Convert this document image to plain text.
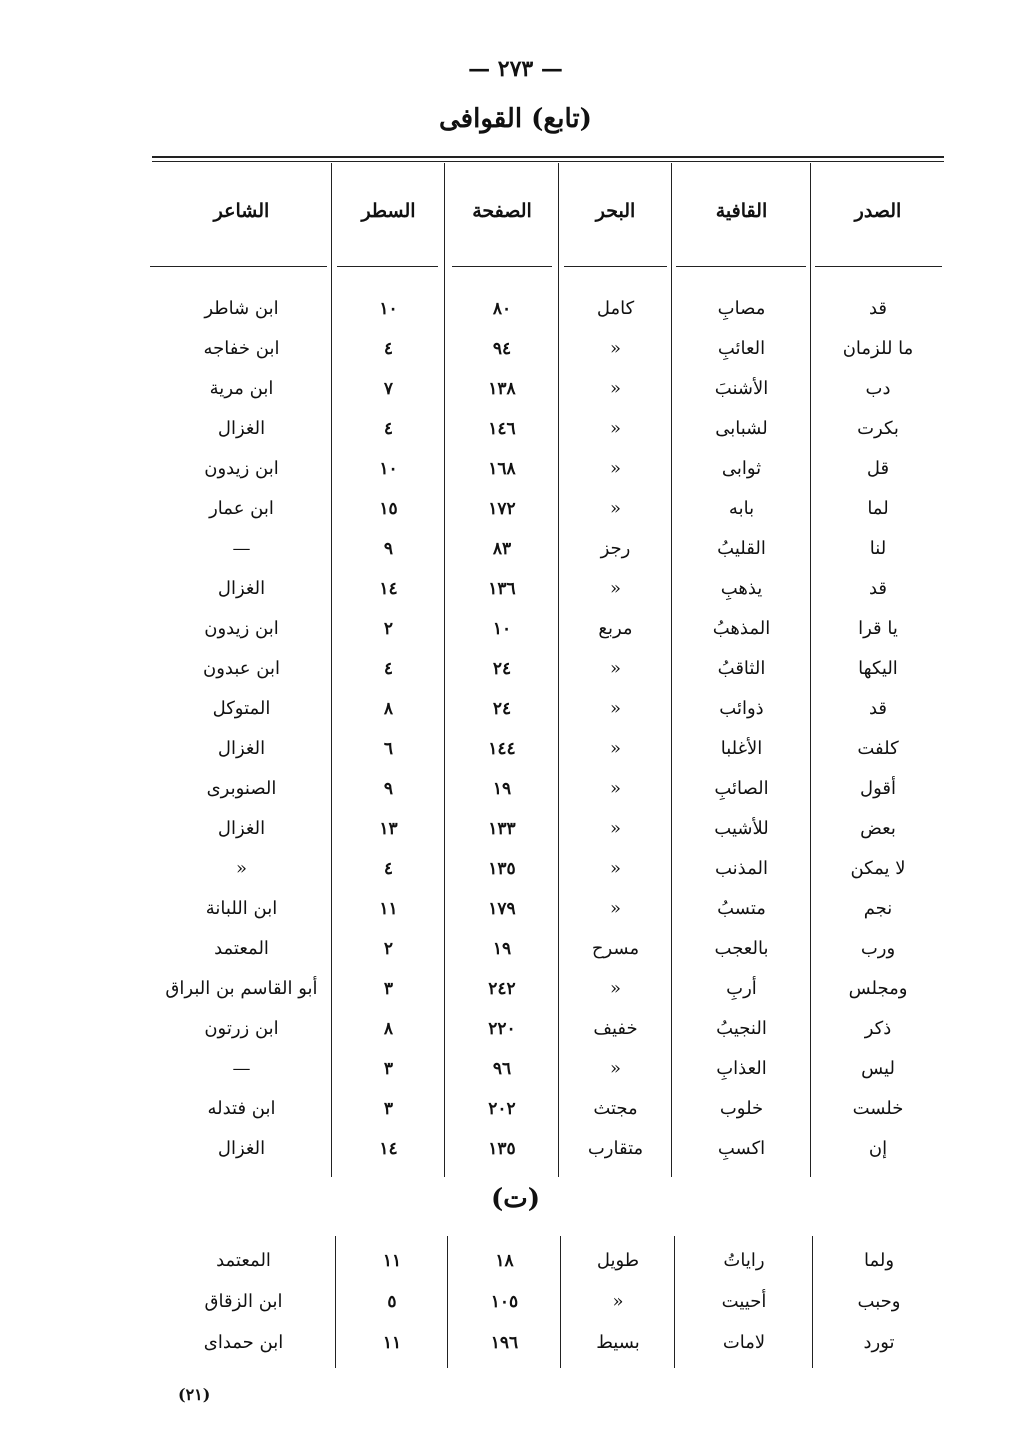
— ٢٧٣ —
(تابع) القوافى
الصدر
القافية
البحر
الصفحة
السطر
الشاعر
قد
مصابِ
كامل
٨٠
١٠
ابن شاطر
ما للزمان
العائبِ
«
٩٤
٤
ابن خفاجه
دب
الأشنبَ
«
١٣٨
٧
ابن مرية
بكرت
لشبابى
«
١٤٦
٤
الغزال
قل
ثوابى
«
١٦٨
١٠
ابن زيدون
لما
بابه
«
١٧٢
١٥
ابن عمار
لنا
القليبُ
رجز
٨٣
٩
—
قد
يذهبِ
«
١٣٦
١٤
الغزال
يا قرا
المذهبُ
مربع
١٠
٢
ابن زيدون
اليكها
الثاقبُ
«
٢٤
٤
ابن عبدون
قد
ذوائب
«
٢٤
٨
المتوكل
كلفت
الأغلبا
«
١٤٤
٦
الغزال
أقول
الصائبِ
«
١٩
٩
الصنوبرى
بعض
للأشيب
«
١٣٣
١٣
الغزال
لا يمكن
المذنب
«
١٣٥
٤
«
نجم
متسبُ
«
١٧٩
١١
ابن اللبانة
ورب
بالعجب
مسرح
١٩
٢
المعتمد
ومجلس
أربِ
«
٢٤٢
٣
أبو القاسم بن البراق
ذكر
النجيبُ
خفيف
٢٢٠
٨
ابن زرتون
ليس
العذابِ
«
٩٦
٣
—
خلست
خلوب
مجتث
٢٠٢
٣
ابن فتدله
إن
اكسبِ
متقارب
١٣٥
١٤
الغزال
(ت)
ولما
راياتُ
طويل
١٨
١١
المعتمد
وحبب
أحييت
«
١٠٥
٥
ابن الزقاق
تورد
لامات
بسيط
١٩٦
١١
ابن حمداى
(٢١)
